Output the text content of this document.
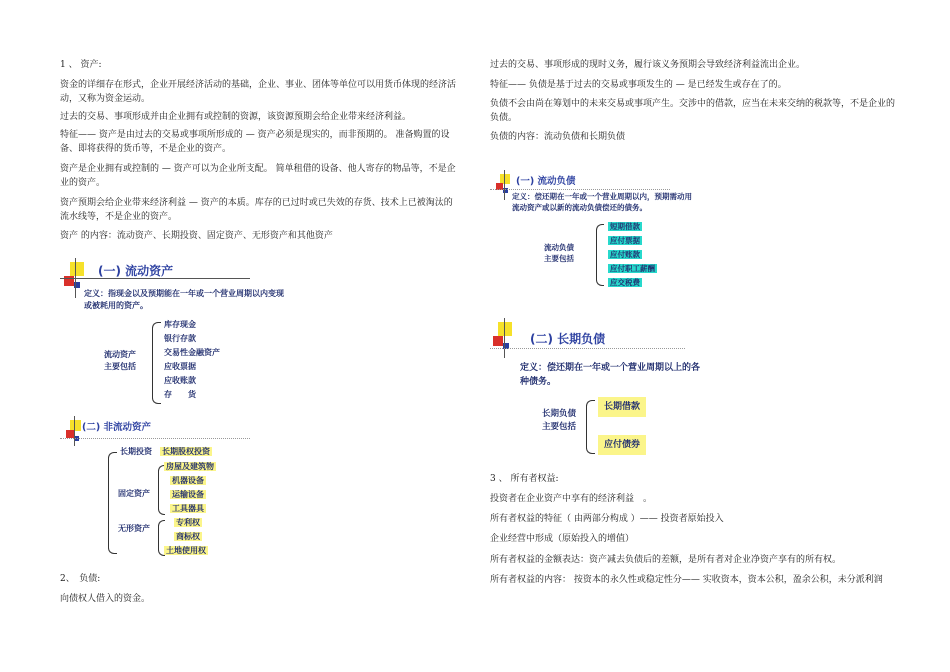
1 、 资产:

资金的详细存在形式，企业开展经济活动的基础，企业、事业、团体等单位可以用货币体现的经济活动，又称为资金运动。

过去的交易、事项形成并由企业拥有或控制的资源，该资源预期会给企业带来经济利益。

特征—— 资产是由过去的交易或事项所形成的 — 资产必须是现实的，而非预期的。 准备购置的设备、即将获得的货币等，不是企业的资产。

资产是企业拥有或控制的 — 资产可以为企业所支配。 简单租借的设备、他人寄存的物品等，不是企业的资产。

资产预期会给企业带来经济利益 — 资产的本质。库存的已过时或已失效的存货、技术上已被淘汰的流水线等，不是企业的资产。

资产 的内容：流动资产、长期投资、固定资产、无形资产和其他资产

(一) 流动资产
定义：指现金以及预期能在一年或一个营业周期以内变现或被耗用的资产。
流动资产 主要包括
库存现金
银行存款
交易性金融资产
应收票据
应收账款
存　　货
(二) 非流动资产
长期投资 长期股权投资
固定资产
房屋及建筑物
机器设备
运输设备
工具器具
无形资产
专利权
商标权
土地使用权

2、　负债:

向债权人借入的资金。

过去的交易、事项形成的现时义务，履行该义务预期会导致经济利益流出企业。

特征—— 负债是基于过去的交易或事项发生的 — 是已经发生或存在了的。

负债不会由尚在筹划中的未来交易或事项产生。交涉中的借款，应当在未来交纳的税款等，不是企业的负债。

负债的内容：流动负债和长期负债

(一) 流动负债
定义：偿还期在一年或一个营业周期以内，预期需动用流动资产或以新的流动负债偿还的债务。
流动负债 主要包括
短期借款
应付票据
应付账款
应付职工薪酬
应交税费
(二) 长期负债
定义：偿还期在一年或一个营业周期以上的各种债务。
长期负债 主要包括
长期借款
应付债券

3 、 所有者权益:

投资者在企业资产中享有的经济利益　。

所有者权益的特征（ 由两部分构成 ）—— 投资者原始投入

企业经营中形成（原始投入的增值）

所有者权益的金额表达：资产减去负债后的差额，是所有者对企业净资产享有的所有权。

所有者权益的内容： 按资本的永久性或稳定性分—— 实收资本，资本公积，盈余公积，未分派利润
